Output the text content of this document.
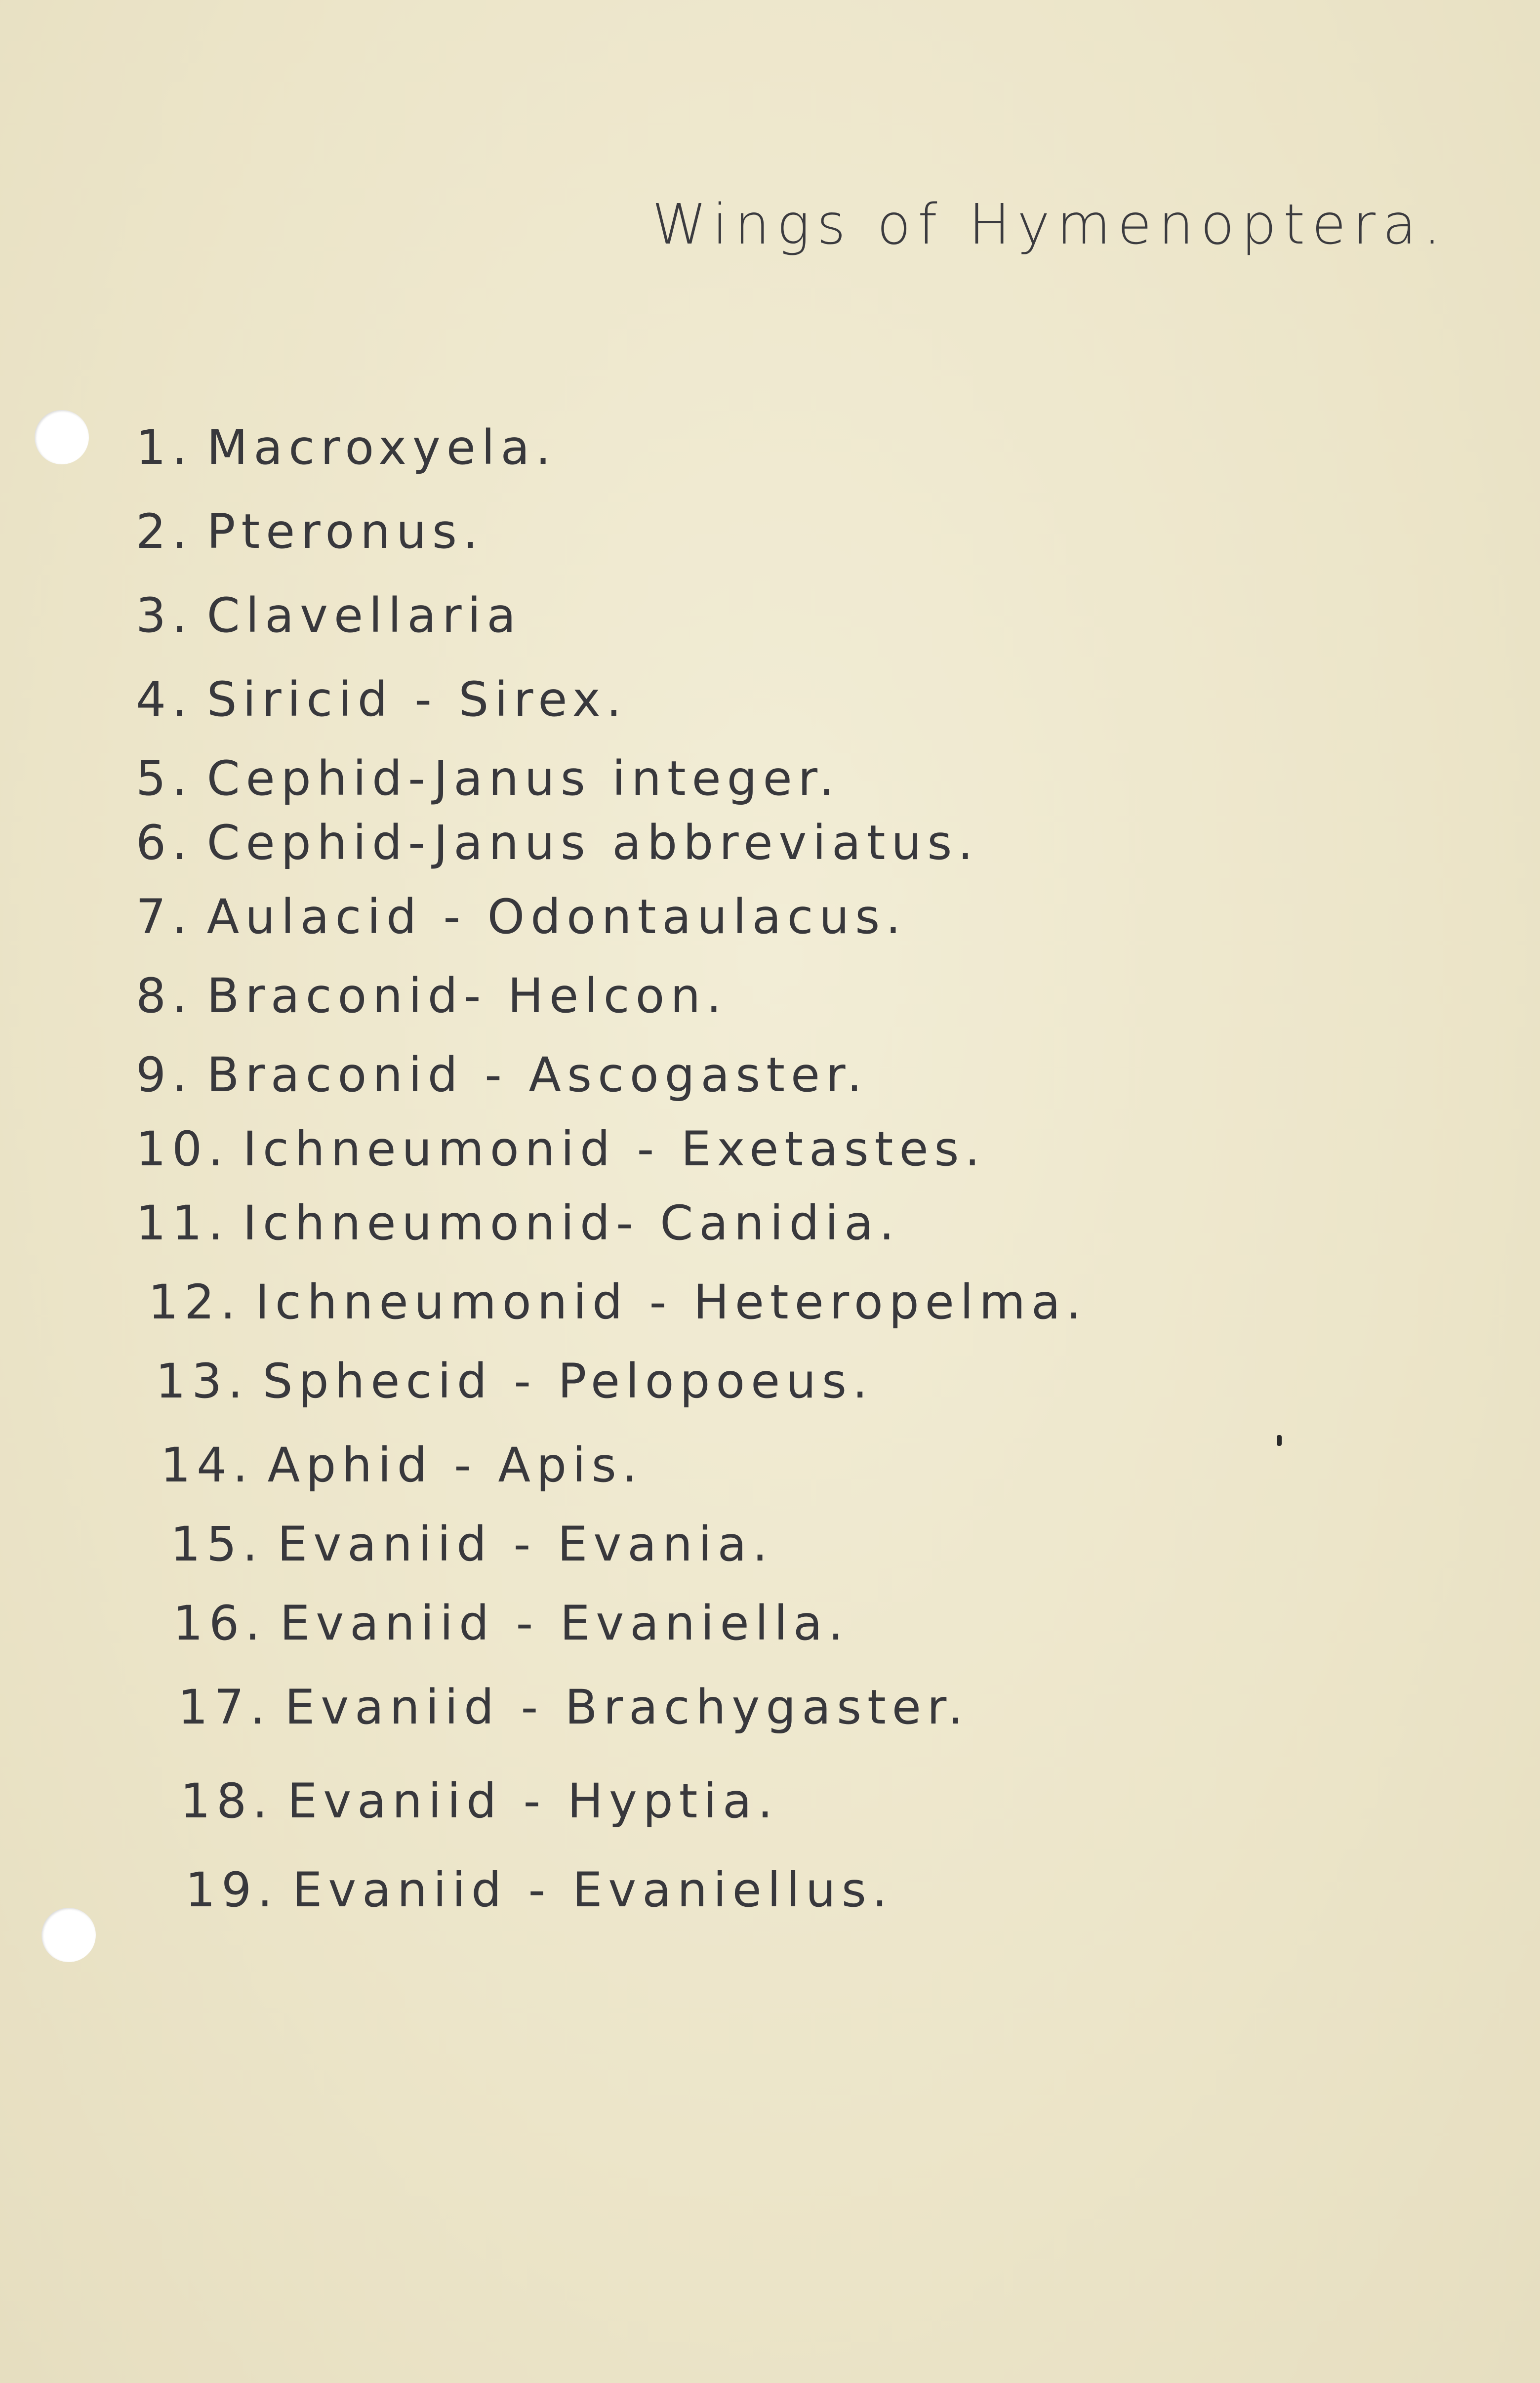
Wings of Hymenoptera.
1. Macroxyela.
2. Pteronus.
3. Clavellaria
4. Siricid - Sirex.
5. Cephid-Janus integer.
6. Cephid-Janus abbreviatus.
7. Aulacid - Odontaulacus.
8. Braconid- Helcon.
9. Braconid - Ascogaster.
10. Ichneumonid - Exetastes.
11. Ichneumonid- Canidia.
12. Ichneumonid - Heteropelma.
13. Sphecid - Pelopoeus.
14. Aphid - Apis.
15. Evaniid - Evania.
16. Evaniid - Evaniella.
17. Evaniid - Brachygaster.
18. Evaniid - Hyptia.
19. Evaniid - Evaniellus.
